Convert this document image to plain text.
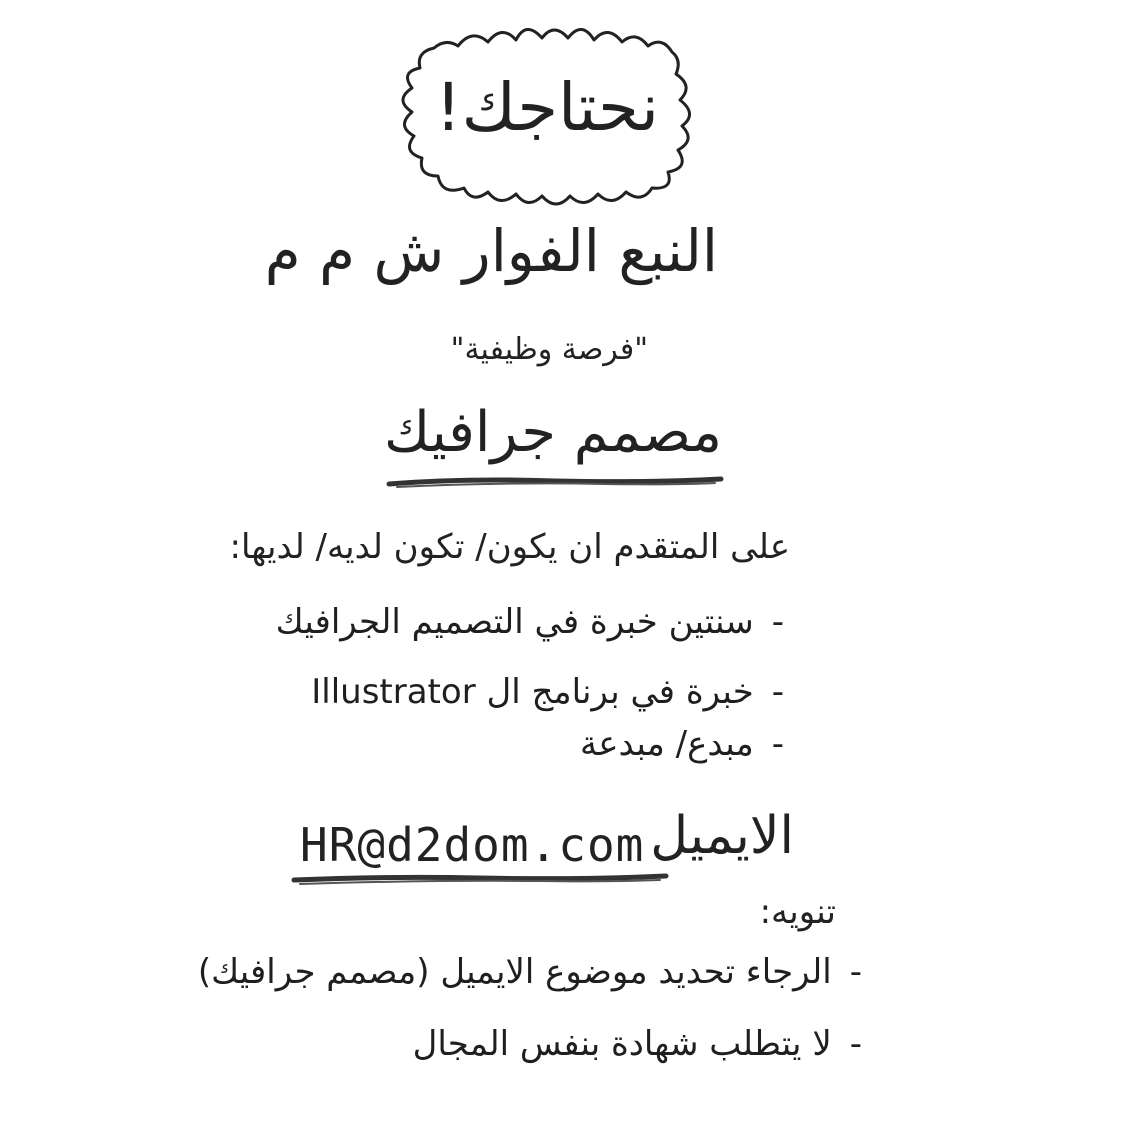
نحتاجك!
النبع الفوار ش م م
"فرصة وظيفية"
مصمم جرافيك
على المتقدم ان يكون/ تكون لديه/ لديها:
-سنتين خبرة في التصميم الجرافيك
-خبرة في برنامج ال Illustrator
-مبدع/ مبدعة
الايميل
HR@d2dom.com
تنويه:
-الرجاء تحديد موضوع الايميل (مصمم جرافيك)
-لا يتطلب شهادة بنفس المجال
